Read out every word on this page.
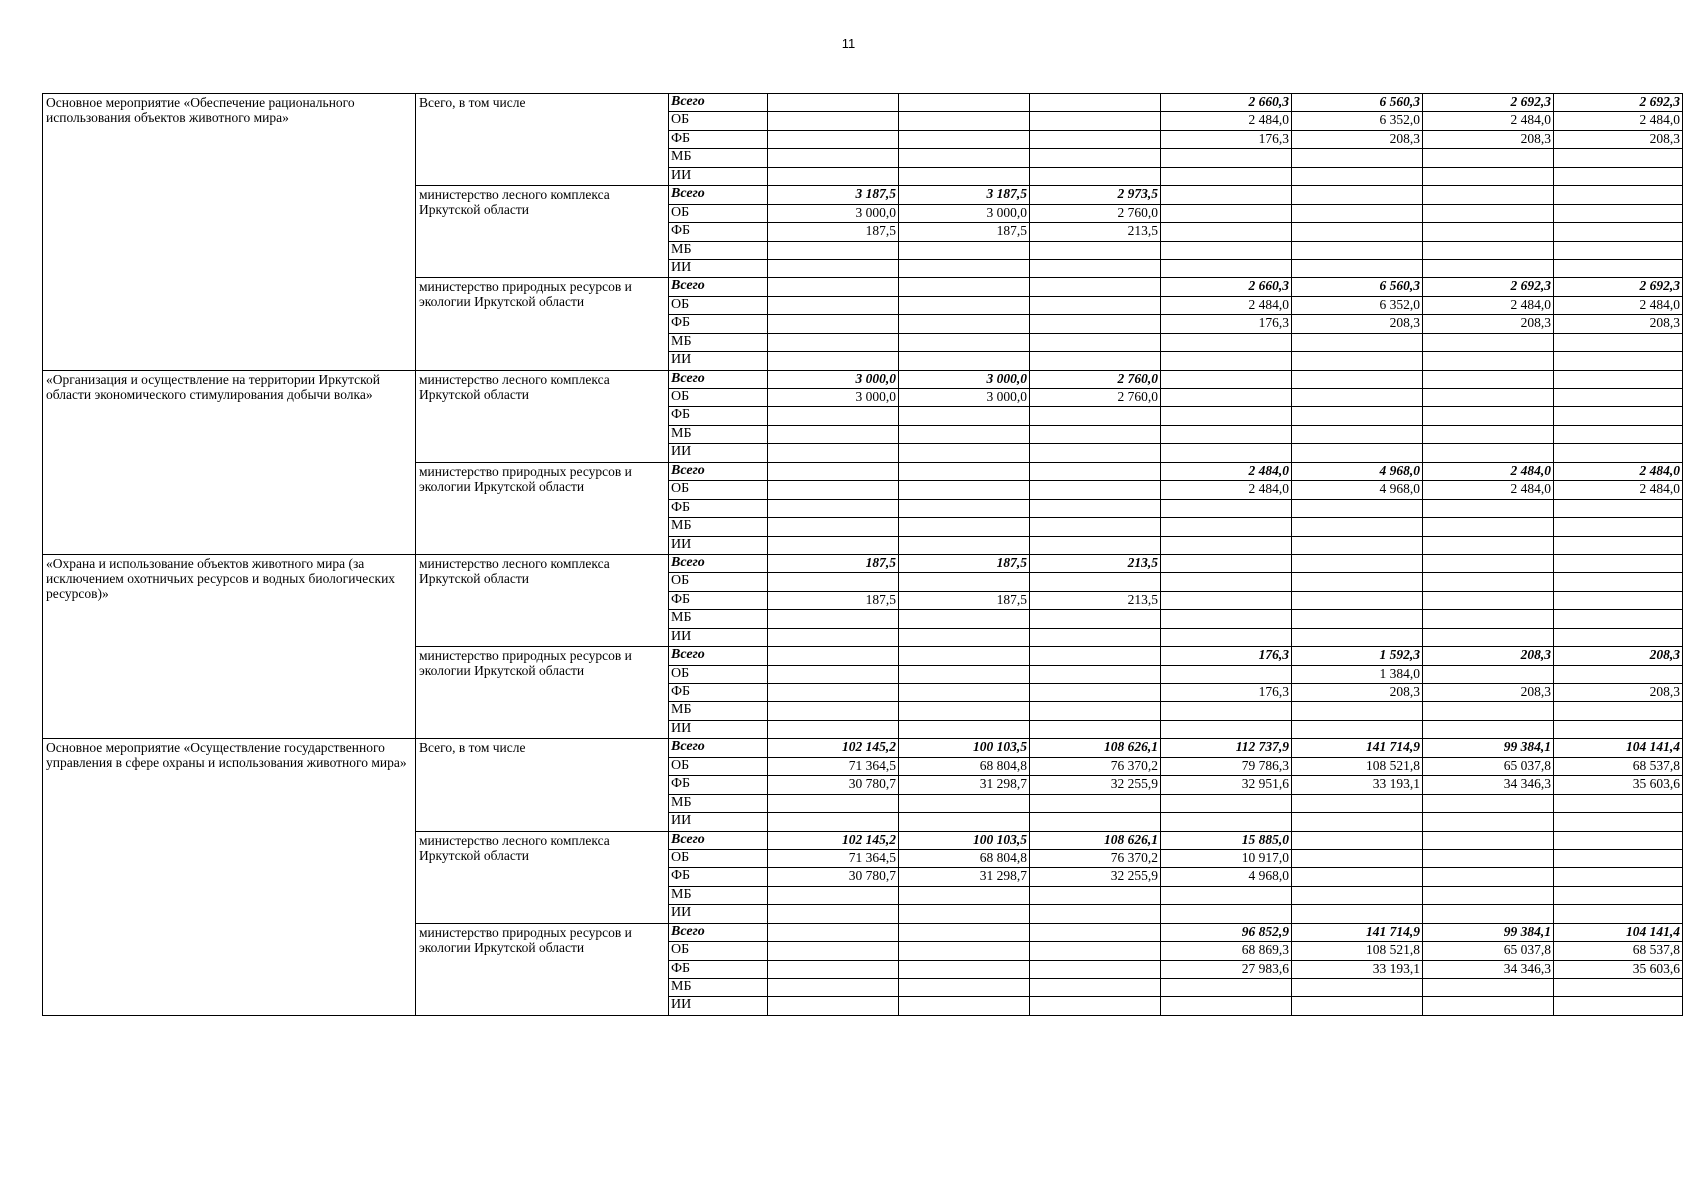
11
Основное мероприятие «Обеспечение рационального использования объектов животного мира»	Всего, в том числе	Всего				2 660,3	6 560,3	2 692,3	2 692,3
		ОБ				2 484,0	6 352,0	2 484,0	2 484,0
		ФБ				176,3	208,3	208,3	208,3
		МБ							
		ИИ							
	министерство лесного комплекса Иркутской области	Всего	3 187,5	3 187,5	2 973,5				
		ОБ	3 000,0	3 000,0	2 760,0				
		ФБ	187,5	187,5	213,5				
		МБ							
		ИИ							
	министерство природных ресурсов и экологии Иркутской области	Всего				2 660,3	6 560,3	2 692,3	2 692,3
		ОБ				2 484,0	6 352,0	2 484,0	2 484,0
		ФБ				176,3	208,3	208,3	208,3
		МБ							
		ИИ							
«Организация и осуществление на территории Иркутской области экономического стимулирования добычи волка»	министерство лесного комплекса Иркутской области	Всего	3 000,0	3 000,0	2 760,0				
		ОБ	3 000,0	3 000,0	2 760,0				
		ФБ							
		МБ							
		ИИ							
	министерство природных ресурсов и экологии Иркутской области	Всего				2 484,0	4 968,0	2 484,0	2 484,0
		ОБ				2 484,0	4 968,0	2 484,0	2 484,0
		ФБ							
		МБ							
		ИИ							
«Охрана и использование объектов животного мира (за исключением охотничьих ресурсов и водных биологических ресурсов)»	министерство лесного комплекса Иркутской области	Всего	187,5	187,5	213,5				
		ОБ							
		ФБ	187,5	187,5	213,5				
		МБ							
		ИИ							
	министерство природных ресурсов и экологии Иркутской области	Всего				176,3	1 592,3	208,3	208,3
		ОБ					1 384,0		
		ФБ				176,3	208,3	208,3	208,3
		МБ							
		ИИ							
Основное мероприятие «Осуществление государственного управления в сфере охраны и использования животного мира»	Всего, в том числе	Всего	102 145,2	100 103,5	108 626,1	112 737,9	141 714,9	99 384,1	104 141,4
		ОБ	71 364,5	68 804,8	76 370,2	79 786,3	108 521,8	65 037,8	68 537,8
		ФБ	30 780,7	31 298,7	32 255,9	32 951,6	33 193,1	34 346,3	35 603,6
		МБ							
		ИИ							
	министерство лесного комплекса Иркутской области	Всего	102 145,2	100 103,5	108 626,1	15 885,0			
		ОБ	71 364,5	68 804,8	76 370,2	10 917,0			
		ФБ	30 780,7	31 298,7	32 255,9	4 968,0			
		МБ							
		ИИ							
	министерство природных ресурсов и экологии Иркутской области	Всего				96 852,9	141 714,9	99 384,1	104 141,4
		ОБ				68 869,3	108 521,8	65 037,8	68 537,8
		ФБ				27 983,6	33 193,1	34 346,3	35 603,6
		МБ							
		ИИ							
